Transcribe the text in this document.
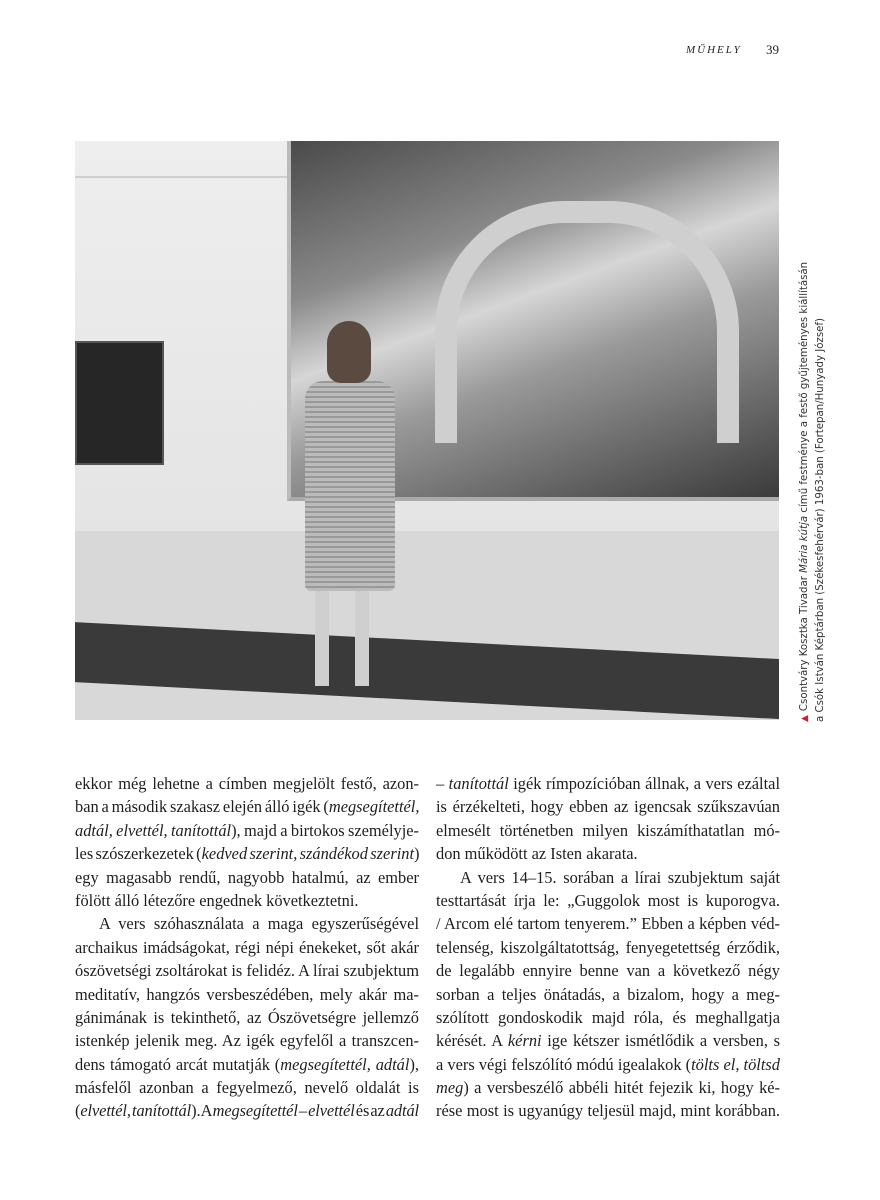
MŰHELY 39
▲Csontváry Kosztka Tivadar Mária kútja című festménye a festő gyűjteményes kiállításán a Csók István Képtárban (Székesfehérvár) 1963-ban (Fortepan/Hunyady József)
ekkor még lehetne a címben megjelölt festő, azon-
ban a második szakasz elején álló igék (megsegítettél,
adtál, elvettél, tanítottál), majd a birtokos személyje-
les szószerkezetek (kedved szerint, szándékod szerint)
egy magasabb rendű, nagyobb hatalmú, az ember
fölött álló létezőre engednek következtetni.
A vers szóhasználata a maga egyszerűségével
archaikus imádságokat, régi népi énekeket, sőt akár
ószövetségi zsoltárokat is felidéz. A lírai szubjektum
meditatív, hangzós versbeszédében, mely akár ma-
gánimának is tekinthető, az Ószövetségre jellemző
istenkép jelenik meg. Az igék egyfelől a transzcen-
dens támogató arcát mutatják (megsegítettél, adtál),
másfelől azonban a fegyelmező, nevelő oldalát is
(elvettél, tanítottál). A megsegítettél – elvettél és az adtál
– tanítottál igék rímpozícióban állnak, a vers ezáltal
is érzékelteti, hogy ebben az igencsak szűkszavúan
elmesélt történetben milyen kiszámíthatatlan mó-
don működött az Isten akarata.
A vers 14–15. sorában a lírai szubjektum saját
testtartását írja le: „Guggolok most is kuporogva.
/ Arcom elé tartom tenyerem.” Ebben a képben véd-
telenség, kiszolgáltatottság, fenyegetettség érződik,
de legalább ennyire benne van a következő négy
sorban a teljes önátadás, a bizalom, hogy a meg-
szólított gondoskodik majd róla, és meghallgatja
kérését. A kérni ige kétszer ismétlődik a versben, s
a vers végi felszólító módú igealakok (tölts el, töltsd
meg) a versbeszélő abbéli hitét fejezik ki, hogy ké-
rése most is ugyanúgy teljesül majd, mint korábban.
